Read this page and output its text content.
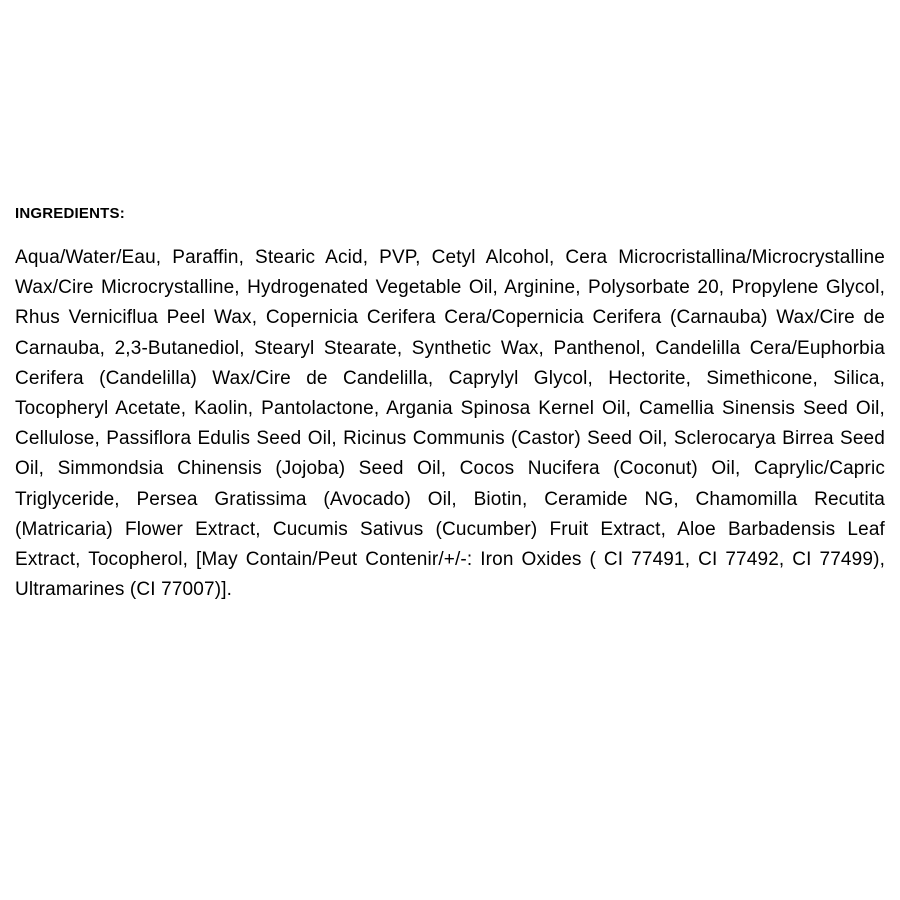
INGREDIENTS:

Aqua/Water/Eau, Paraffin, Stearic Acid, PVP, Cetyl Alcohol, Cera Microcristallina/Microcrystalline Wax/Cire Microcrystalline, Hydrogenated Vegetable Oil, Arginine, Polysorbate 20, Propylene Glycol, Rhus Verniciflua Peel Wax, Copernicia Cerifera Cera/Copernicia Cerifera (Carnauba) Wax/Cire de Carnauba, 2,3-Butanediol, Stearyl Stearate, Synthetic Wax, Panthenol, Candelilla Cera/Euphorbia Cerifera (Candelilla) Wax/Cire de Candelilla, Caprylyl Glycol, Hectorite, Simethicone, Silica, Tocopheryl Acetate, Kaolin, Pantolactone, Argania Spinosa Kernel Oil, Camellia Sinensis Seed Oil, Cellulose, Passiflora Edulis Seed Oil, Ricinus Communis (Castor) Seed Oil, Sclerocarya Birrea Seed Oil, Simmondsia Chinensis (Jojoba) Seed Oil, Cocos Nucifera (Coconut) Oil, Caprylic/Capric Triglyceride, Persea Gratissima (Avocado) Oil, Biotin, Ceramide NG, Chamomilla Recutita (Matricaria) Flower Extract, Cucumis Sativus (Cucumber) Fruit Extract, Aloe Barbadensis Leaf Extract, Tocopherol, [May Contain/Peut Contenir/+/-: Iron Oxides ( CI 77491, CI 77492, CI 77499), Ultramarines (CI 77007)].
